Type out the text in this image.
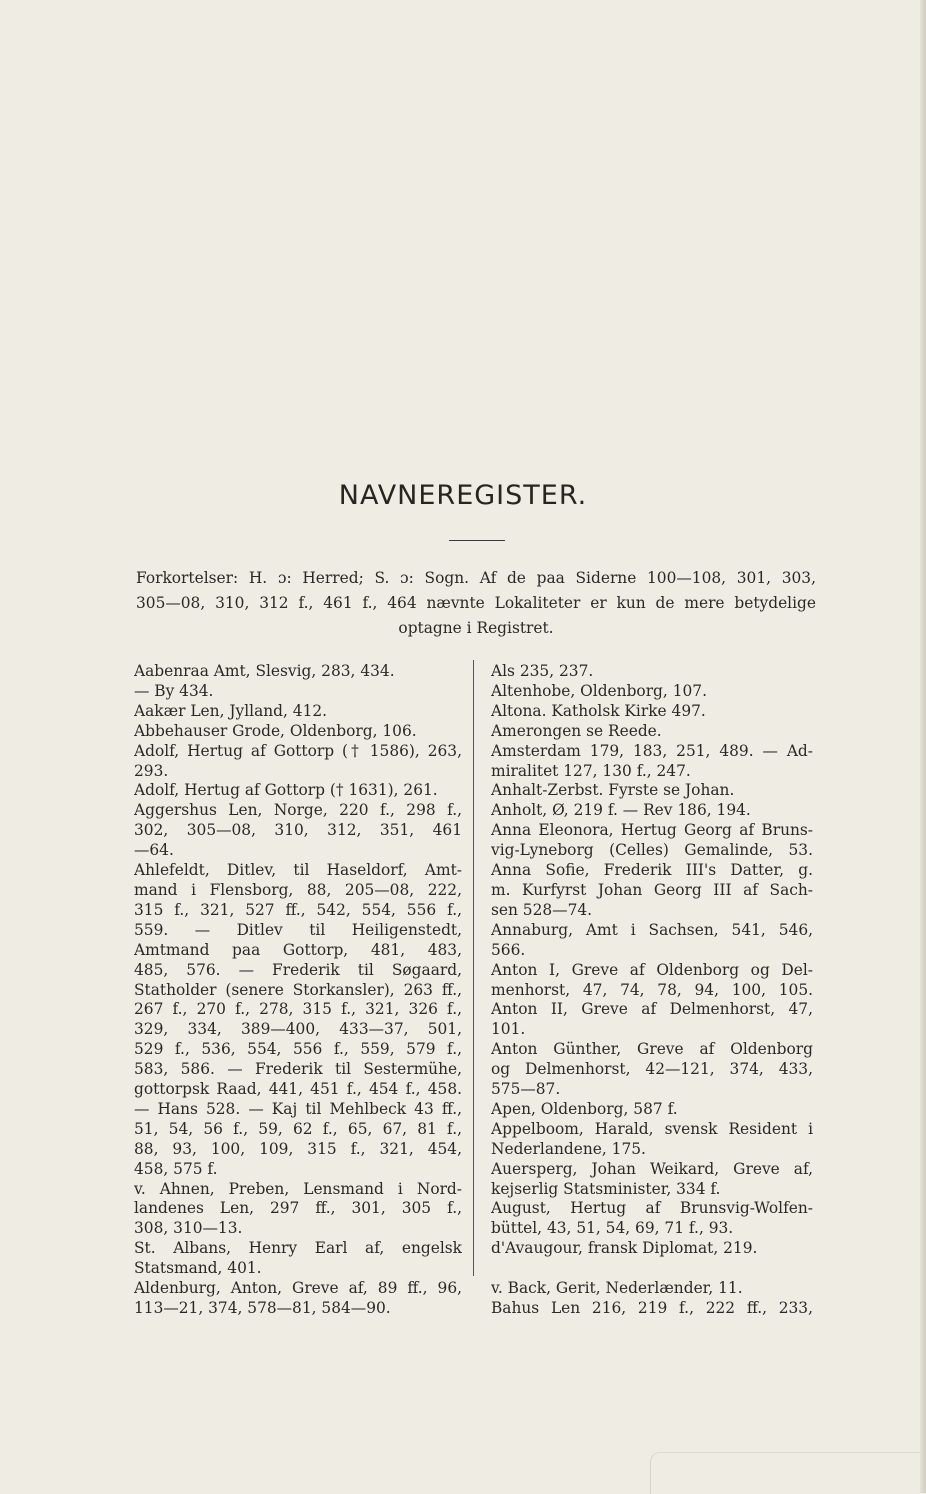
NAVNEREGISTER.
Forkortelser: H. ɔ: Herred; S. ɔ: Sogn. Af de paa Siderne 100—108, 301, 303,
305—08, 310, 312 f., 461 f., 464 nævnte Lokaliteter er kun de mere betydelige
optagne i Registret.
Aabenraa Amt, Slesvig, 283, 434.
— By 434.
Aakær Len, Jylland, 412.
Abbehauser Grode, Oldenborg, 106.
Adolf, Hertug af Gottorp († 1586), 263,
293.
Adolf, Hertug af Gottorp († 1631), 261.
Aggershus Len, Norge, 220 f., 298 f.,
302, 305—08, 310, 312, 351, 461
—64.
Ahlefeldt, Ditlev, til Haseldorf, Amt-
mand i Flensborg, 88, 205—08, 222,
315 f., 321, 527 ff., 542, 554, 556 f.,
559. — Ditlev til Heiligenstedt,
Amtmand paa Gottorp, 481, 483,
485, 576. — Frederik til Søgaard,
Statholder (senere Storkansler), 263 ff.,
267 f., 270 f., 278, 315 f., 321, 326 f.,
329, 334, 389—400, 433—37, 501,
529 f., 536, 554, 556 f., 559, 579 f.,
583, 586. — Frederik til Sestermühe,
gottorpsk Raad, 441, 451 f., 454 f., 458.
— Hans 528. — Kaj til Mehlbeck 43 ff.,
51, 54, 56 f., 59, 62 f., 65, 67, 81 f.,
88, 93, 100, 109, 315 f., 321, 454,
458, 575 f.
v. Ahnen, Preben, Lensmand i Nord-
landenes Len, 297 ff., 301, 305 f.,
308, 310—13.
St. Albans, Henry Earl af, engelsk
Statsmand, 401.
Aldenburg, Anton, Greve af, 89 ff., 96,
113—21, 374, 578—81, 584—90.
Als 235, 237.
Altenhobe, Oldenborg, 107.
Altona. Katholsk Kirke 497.
Amerongen se Reede.
Amsterdam 179, 183, 251, 489. — Ad-
miralitet 127, 130 f., 247.
Anhalt-Zerbst. Fyrste se Johan.
Anholt, Ø, 219 f. — Rev 186, 194.
Anna Eleonora, Hertug Georg af Bruns-
vig-Lyneborg (Celles) Gemalinde, 53.
Anna Sofie, Frederik III's Datter, g.
m. Kurfyrst Johan Georg III af Sach-
sen 528—74.
Annaburg, Amt i Sachsen, 541, 546,
566.
Anton I, Greve af Oldenborg og Del-
menhorst, 47, 74, 78, 94, 100, 105.
Anton II, Greve af Delmenhorst, 47,
101.
Anton Günther, Greve af Oldenborg
og Delmenhorst, 42—121, 374, 433,
575—87.
Apen, Oldenborg, 587 f.
Appelboom, Harald, svensk Resident i
Nederlandene, 175.
Auersperg, Johan Weikard, Greve af,
kejserlig Statsminister, 334 f.
August, Hertug af Brunsvig-Wolfen-
büttel, 43, 51, 54, 69, 71 f., 93.
d'Avaugour, fransk Diplomat, 219.
v. Back, Gerit, Nederlænder, 11.
Bahus Len 216, 219 f., 222 ff., 233,
